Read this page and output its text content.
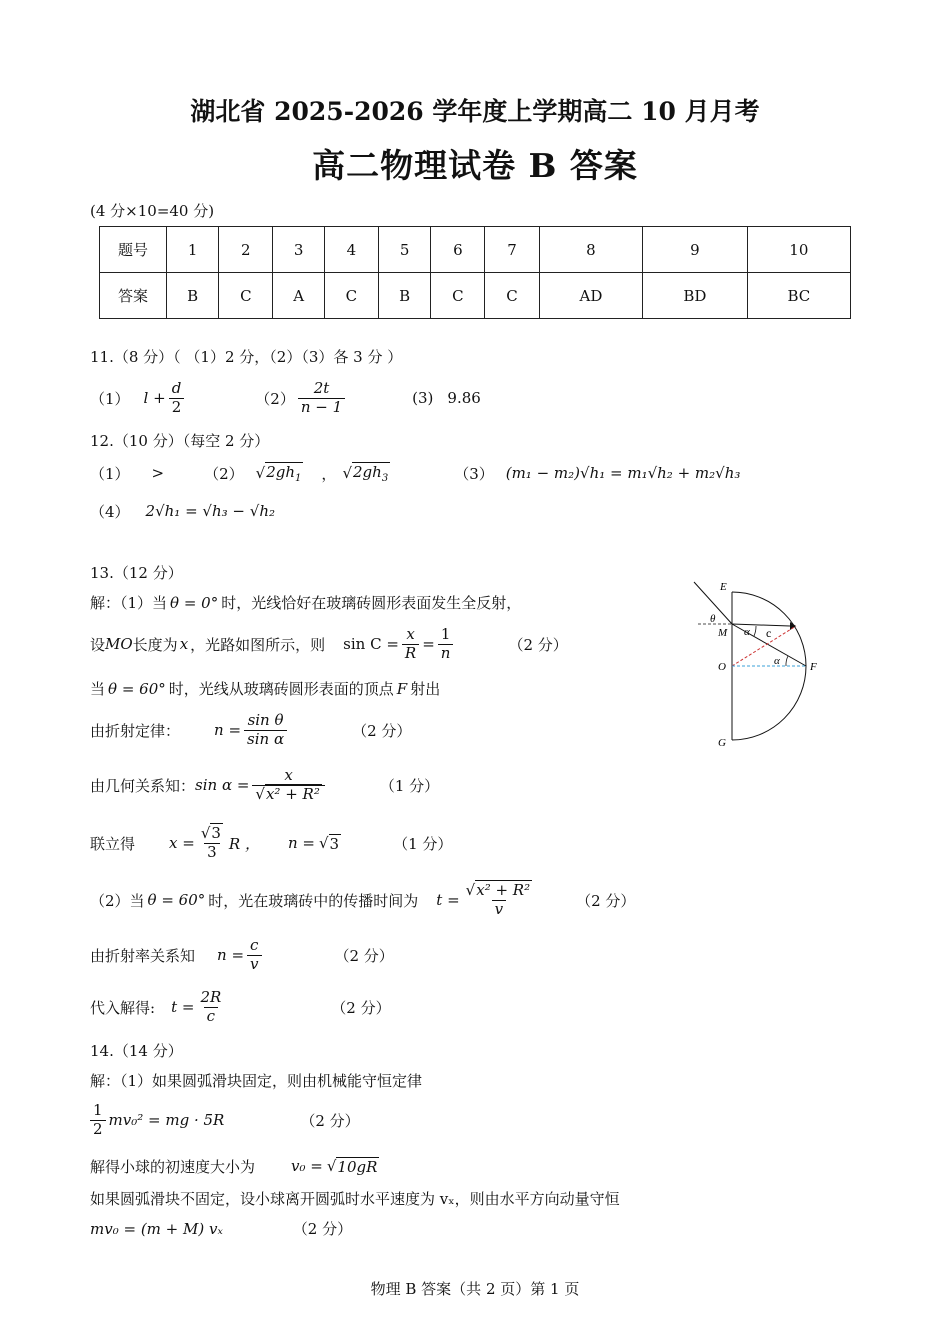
湖北省 2025-2026 学年度上学期高二 10 月月考
高二物理试卷 B 答案
(4 分×10=40 分)
题号	1	2	3	4	5	6	7	8	9	10
答案	B	C	A	C	B	C	C	AD	BD	BC
11.（8 分）（ （1）2 分，（2）（3）各 3 分 ）
（1） $l + \frac{d}{2}$	$(2) \frac{2t}{n - 1}$	(3) 9.86
12.（10 分）（每空 2 分）
（1） >	（2） √ $2gh_1$ ， √ $2gh_3$	（3） (m₁ − m₂)√h₁ = m₁√h₂ + m₂√h₃
（4） 2√h₁ = √h₃ − √h₂
13.（12 分）
解：（1）当 θ = 0° 时，光线恰好在玻璃砖圆形表面发生全反射，
设 MO 长度为 x ，光路如图所示，则 $\sin C = \frac{x}{R} = \frac{1}{n}$	（2 分）
当 θ = 60° 时，光线从玻璃砖圆形表面的顶点 F 射出
由折射定律： $n = \frac{\text{sin θ}}{\text{sin α}}$	（2 分）
由几何关系知： sin α = x
√ x² + R²	（1 分）
联立得 x = √ $\frac{3}{3}$ R ， n = √ 3	（1 分）
（2）当 θ = 60° 时，光在玻璃砖中的传播时间为 t = √ $\frac{\text{x² + R²}}{v}$	（2 分）
由折射率关系知 $n = \frac{c}{v}$	（2 分）
代入解得: $t = \frac{2R}{c}$	（2 分）
E
M
O	F
G
θ
α c
α
14.（14 分）
解：（1）如果圆弧滑块固定，则由机械能守恒定律
$\frac{1}{2} mv_0^2$ = mg · 5R	（2 分）
解得小球的初速度大小为 v₀ = √ 10gR
如果圆弧滑块不固定，设小球离开圆弧时水平速度为 vₓ，则由水平方向动量守恒
mv₀ = (m + M) vₓ	（2 分）
物理 B 答案（共 2 页）第 1 页
